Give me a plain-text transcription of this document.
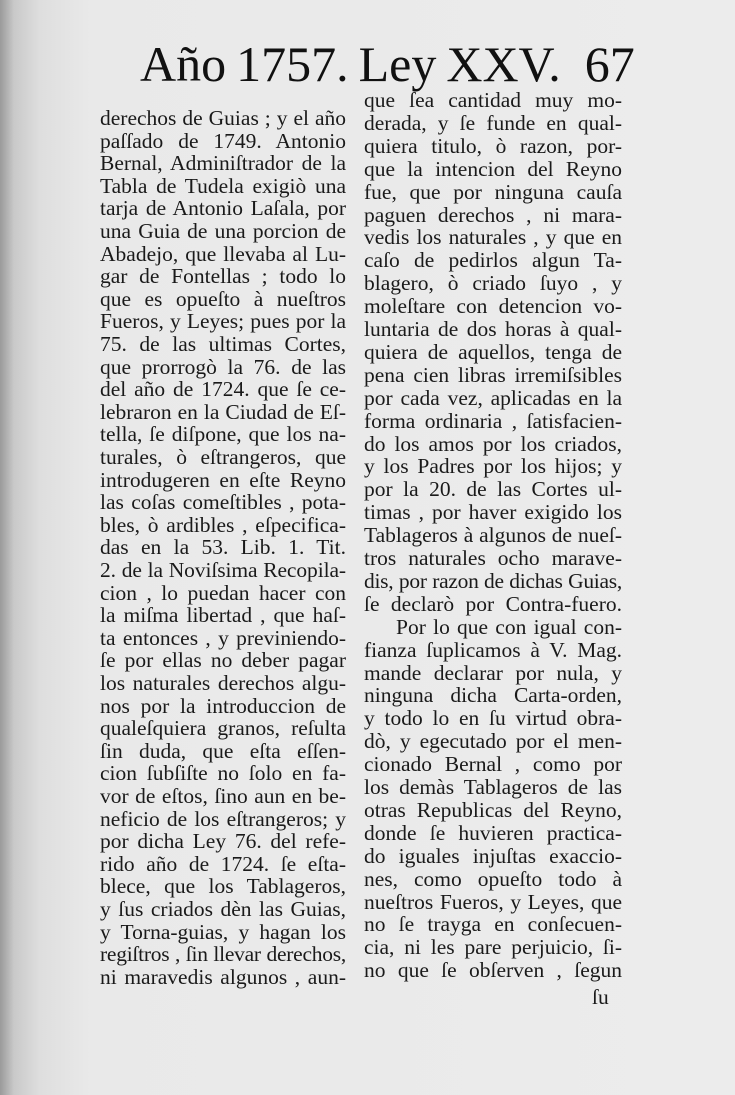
Año 1757. Ley XXV. 67
derechos de Guias ; y el año
paſſado de 1749. Antonio
Bernal, Adminiſtrador de la
Tabla de Tudela exigiò una
tarja de Antonio Laſala, por
una Guia de una porcion de
Abadejo, que llevaba al Lu-
gar de Fontellas ; todo lo
que es opueſto à nueſtros
Fueros, y Leyes; pues por la
75. de las ultimas Cortes,
que prorrogò la 76. de las
del año de 1724. que ſe ce-
lebraron en la Ciudad de Eſ-
tella, ſe diſpone, que los na-
turales, ò eſtrangeros, que
introdugeren en eſte Reyno
las coſas comeſtibles , pota-
bles, ò ardibles , eſpecifica-
das en la 53. Lib. 1. Tit.
2. de la Noviſsima Recopila-
cion , lo puedan hacer con
la miſma libertad , que haſ-
ta entonces , y previniendo-
ſe por ellas no deber pagar
los naturales derechos algu-
nos por la introduccion de
qualeſquiera granos, reſulta
ſin duda, que eſta eſſen-
cion ſubſiſte no ſolo en fa-
vor de eſtos, ſino aun en be-
neficio de los eſtrangeros; y
por dicha Ley 76. del refe-
rido año de 1724. ſe eſta-
blece, que los Tablageros,
y ſus criados dèn las Guias,
y Torna-guias, y hagan los
regiſtros , ſin llevar derechos,
ni maravedis algunos , aun-
que ſea cantidad muy mo-
derada, y ſe funde en qual-
quiera titulo, ò razon, por-
que la intencion del Reyno
fue, que por ninguna cauſa
paguen derechos , ni mara-
vedis los naturales , y que en
caſo de pedirlos algun Ta-
blagero, ò criado ſuyo , y
moleſtare con detencion vo-
luntaria de dos horas à qual-
quiera de aquellos, tenga de
pena cien libras irremiſsibles
por cada vez, aplicadas en la
forma ordinaria , ſatisfacien-
do los amos por los criados,
y los Padres por los hijos; y
por la 20. de las Cortes ul-
timas , por haver exigido los
Tablageros à algunos de nueſ-
tros naturales ocho marave-
dis, por razon de dichas Guias,
ſe declarò por Contra-fuero.
Por lo que con igual con-
fianza ſuplicamos à V. Mag.
mande declarar por nula, y
ninguna dicha Carta-orden,
y todo lo en ſu virtud obra-
dò, y egecutado por el men-
cionado Bernal , como por
los demàs Tablageros de las
otras Republicas del Reyno,
donde ſe huvieren practica-
do iguales injuſtas exaccio-
nes, como opueſto todo à
nueſtros Fueros, y Leyes, que
no ſe trayga en conſecuen-
cia, ni les pare perjuicio, ſi-
no que ſe obſerven , ſegun
ſu
